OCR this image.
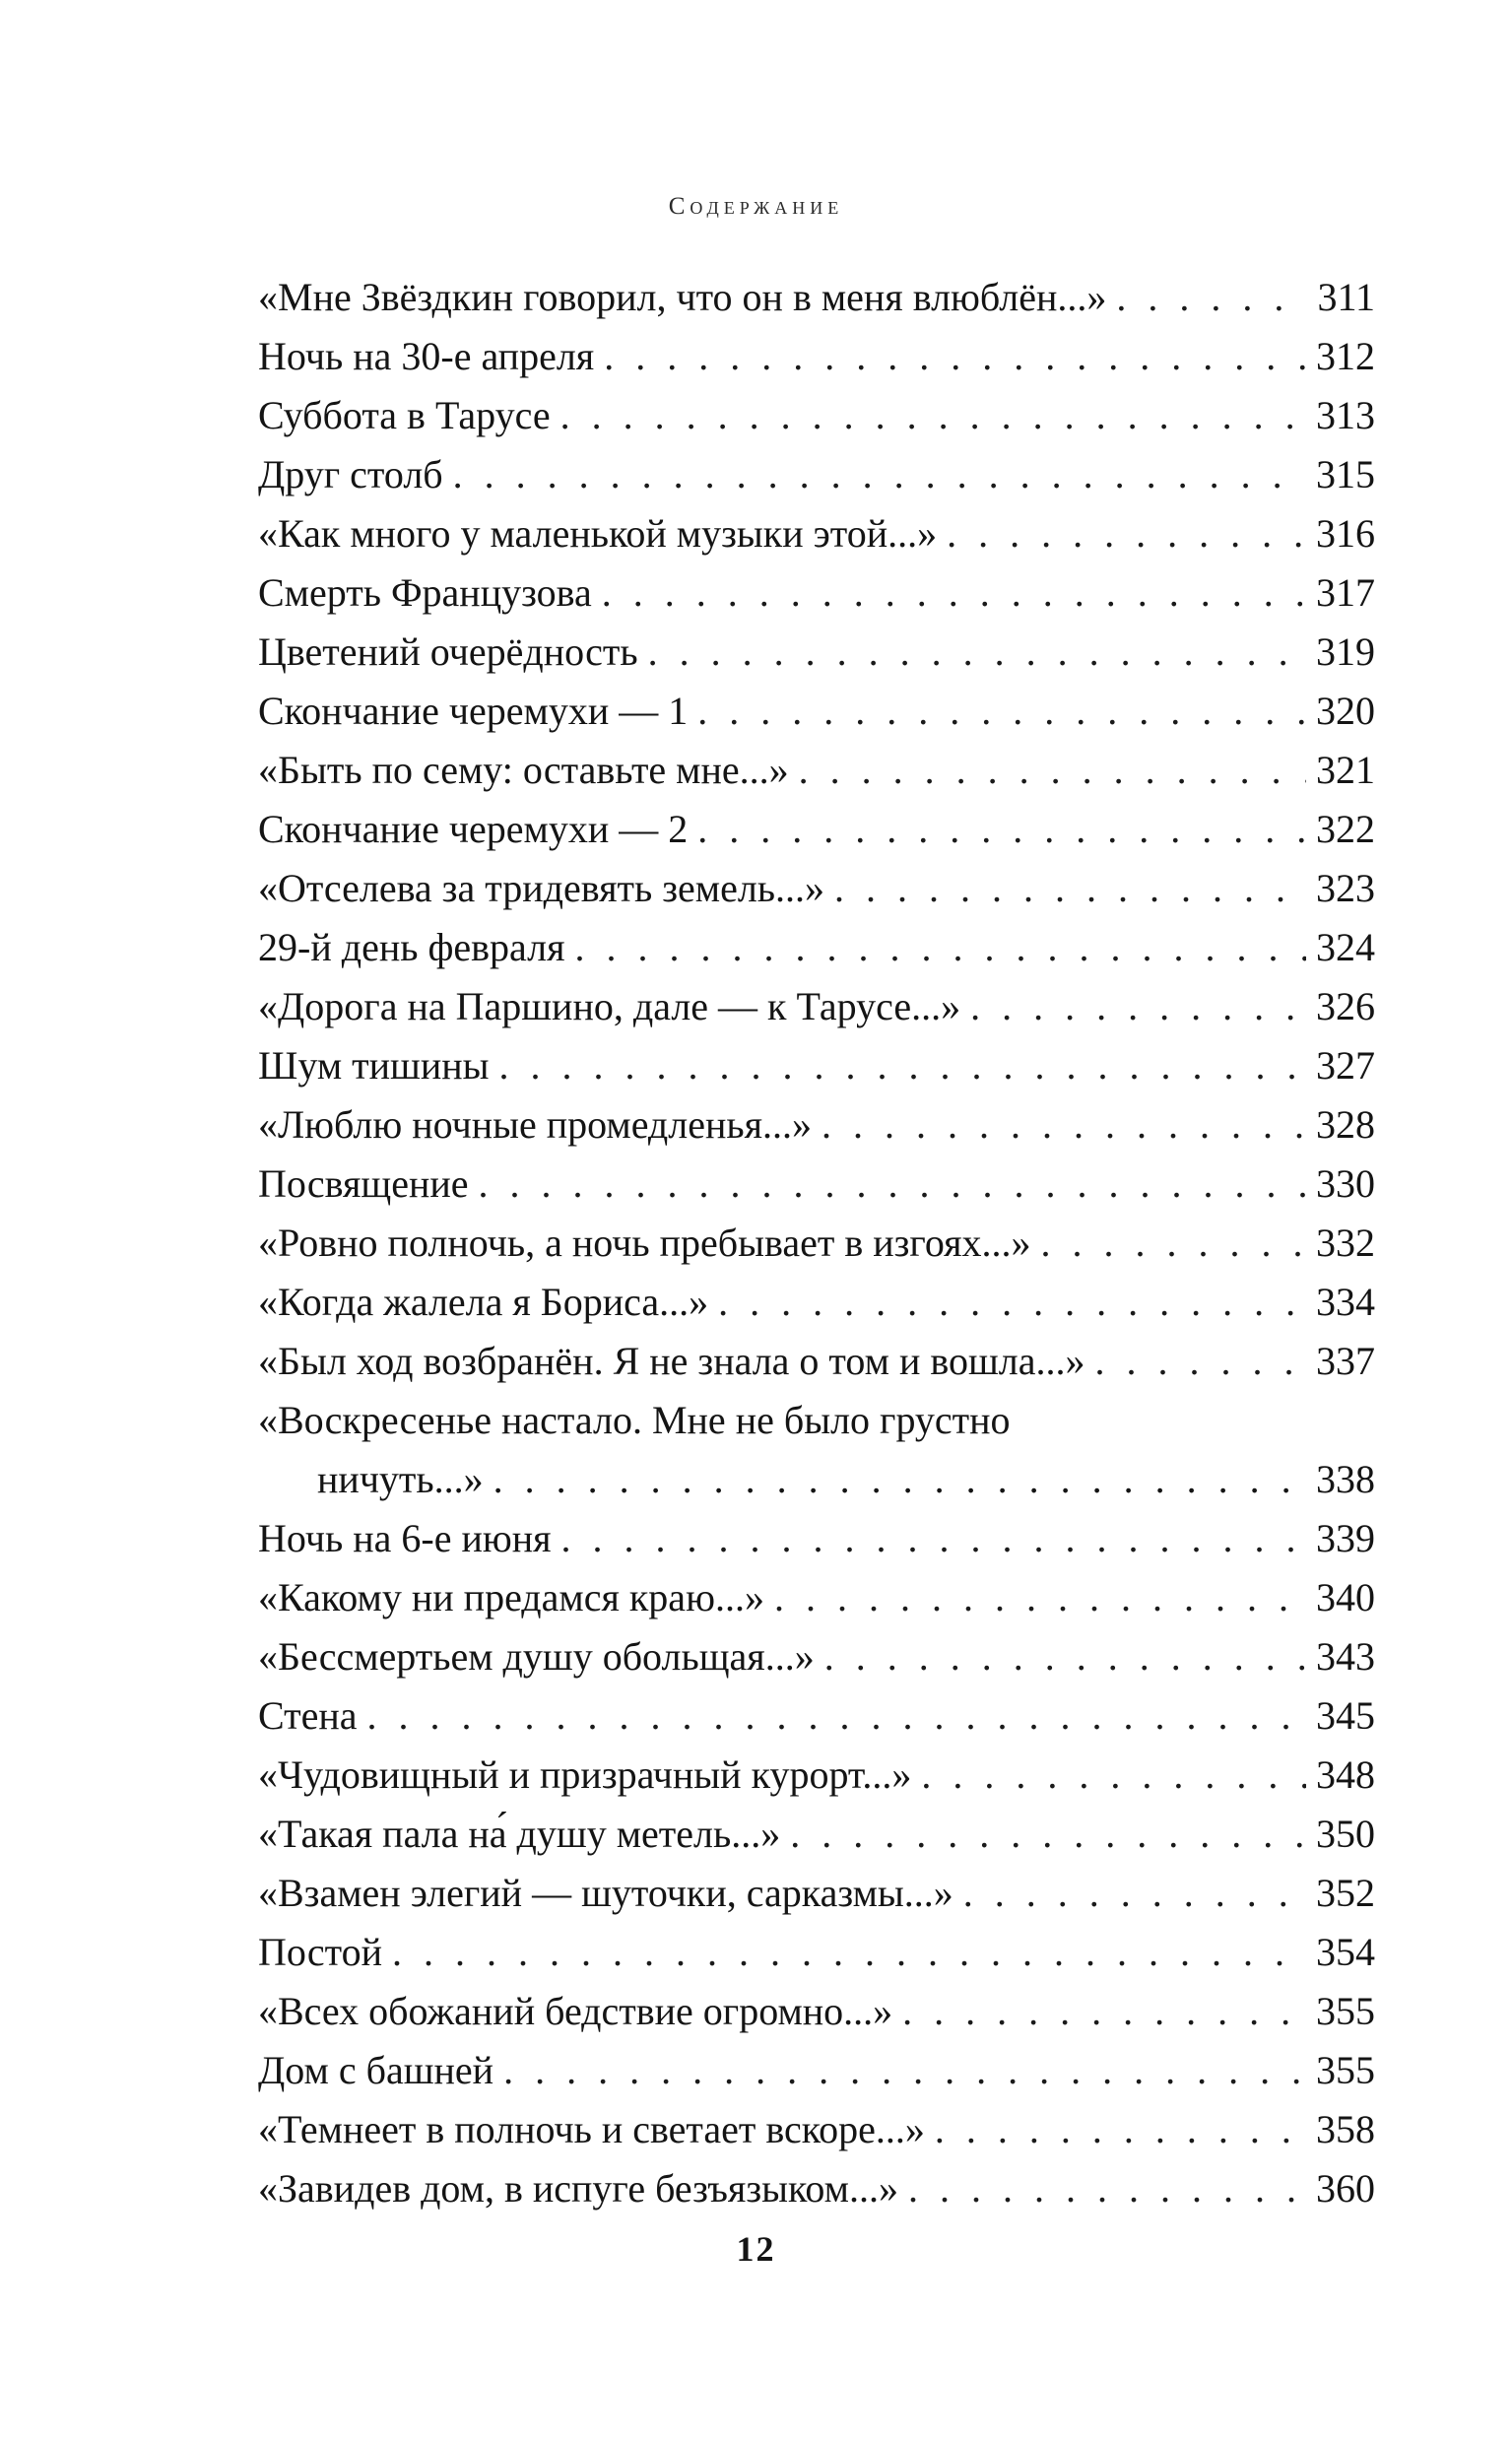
Содержание
«Мне Звёздкин говорил, что он в меня влюблён...» . . .	311
Ночь на 30-е апреля . . .	312
Суббота в Тарусе . . .	313
Друг столб . . .	315
«Как много у маленькой музыки этой...» . . .	316
Смерть Французова . . .	317
Цветений очерёдность . . .	319
Скончание черемухи — 1 . . .	320
«Быть по сему: оставьте мне...» . . .	321
Скончание черемухи — 2 . . .	322
«Отселева за тридевять земель...» . . .	323
29-й день февраля . . .	324
«Дорога на Паршино, дале — к Тарусе...» . . .	326
Шум тишины . . .	327
«Люблю ночные промедленья...» . . .	328
Посвящение . . .	330
«Ровно полночь, а ночь пребывает в изгоях...» . . .	332
«Когда жалела я Бориса...» . . .	334
«Был ход возбранён. Я не знала о том и вошла...» . . .	337
«Воскресенье настало. Мне не было грустно
ничуть...» . . .	338
Ночь на 6-е июня . . .	339
«Какому ни предамся краю...» . . .	340
«Бессмертьем душу обольщая...» . . .	343
Стена . . .	345
«Чудовищный и призрачный курорт...» . . .	348
«Такая пала на́ душу метель...» . . .	350
«Взамен элегий — шуточки, сарказмы...» . . .	352
Постой . . .	354
«Всех обожаний бедствие огромно...» . . .	355
Дом с башней . . .	355
«Темнеет в полночь и светает вскоре...» . . .	358
«Завидев дом, в испуге безъязыком...» . . .	360
12
